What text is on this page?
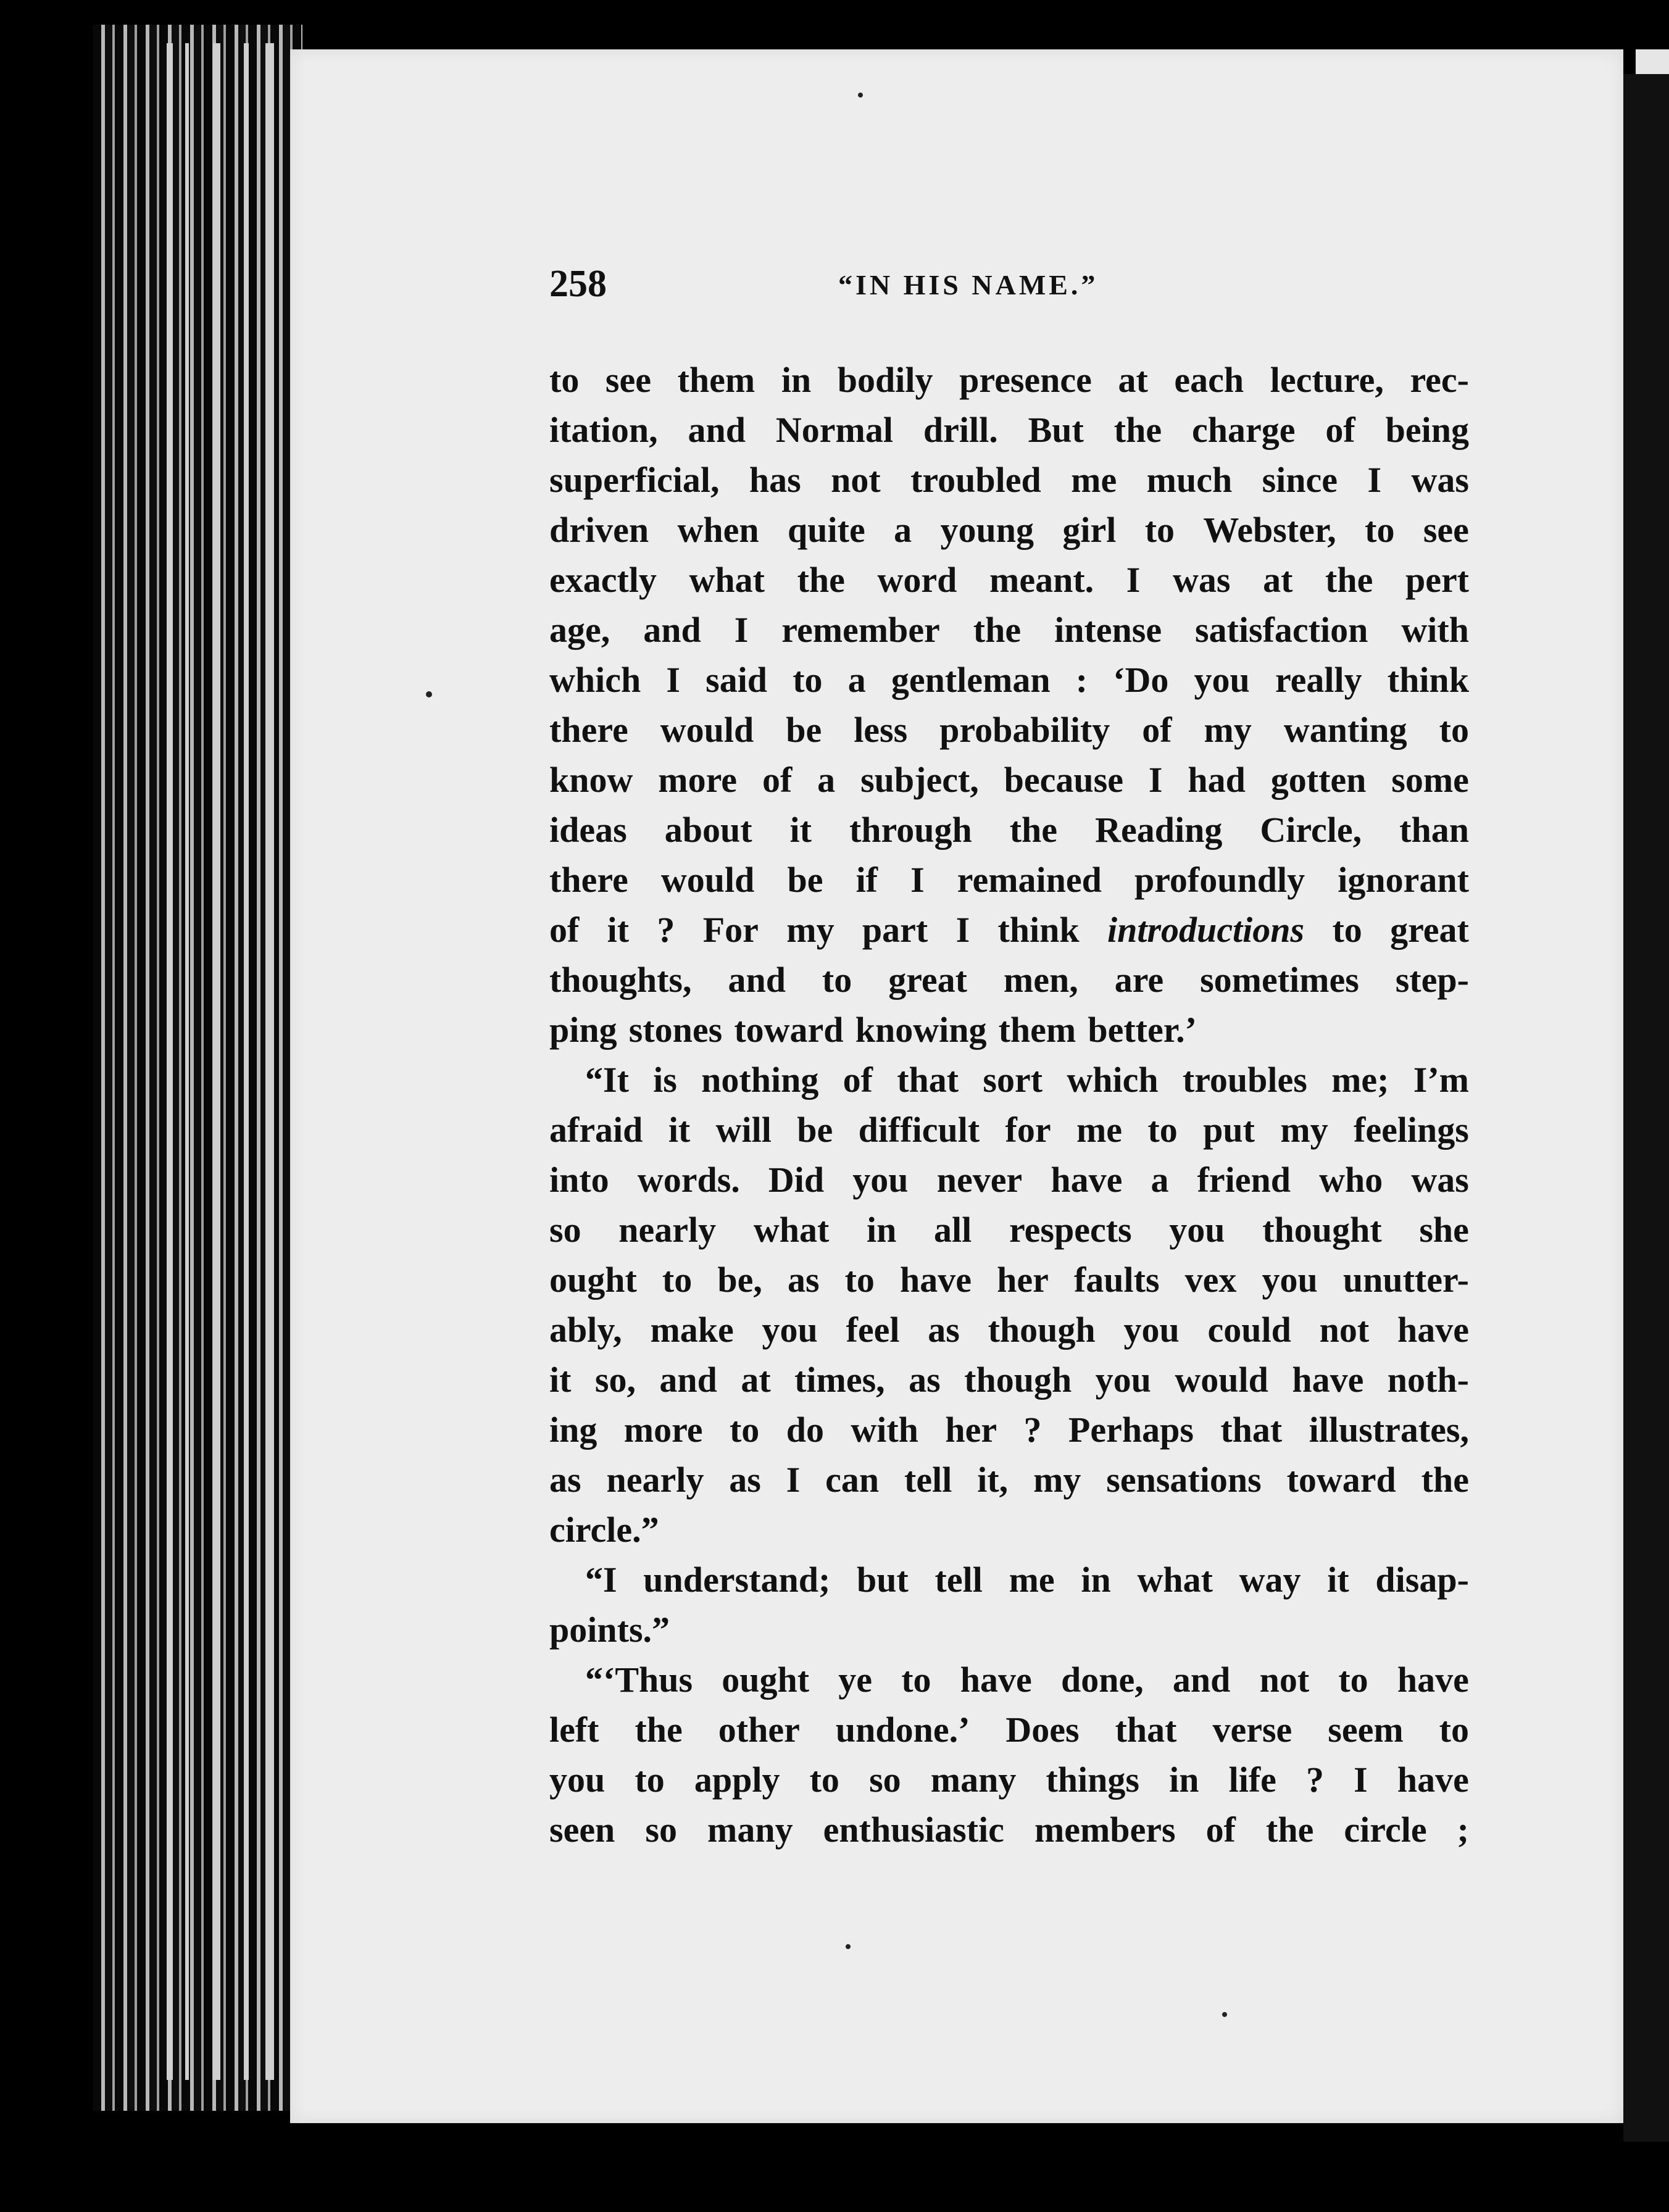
258	“IN HIS NAME.”
to see them in bodily presence at each lecture, rec-
itation, and Normal drill. But the charge of being
superficial, has not troubled me much since I was
driven when quite a young girl to Webster, to see
exactly what the word meant. I was at the pert
age, and I remember the intense satisfaction with
which I said to a gentleman : ‘Do you really think
there would be less probability of my wanting to
know more of a subject, because I had gotten some
ideas about it through the Reading Circle, than
there would be if I remained profoundly ignorant
of it ? For my part I think introductions to great
thoughts, and to great men, are sometimes step-
ping stones toward knowing them better.’
“It is nothing of that sort which troubles me; I’m
afraid it will be difficult for me to put my feelings
into words. Did you never have a friend who was
so nearly what in all respects you thought she
ought to be, as to have her faults vex you unutter-
ably, make you feel as though you could not have
it so, and at times, as though you would have noth-
ing more to do with her ? Perhaps that illustrates,
as nearly as I can tell it, my sensations toward the
circle.”
“I understand; but tell me in what way it disap-
points.”
“‘Thus ought ye to have done, and not to have
left the other undone.’ Does that verse seem to
you to apply to so many things in life ? I have
seen so many enthusiastic members of the circle ;
